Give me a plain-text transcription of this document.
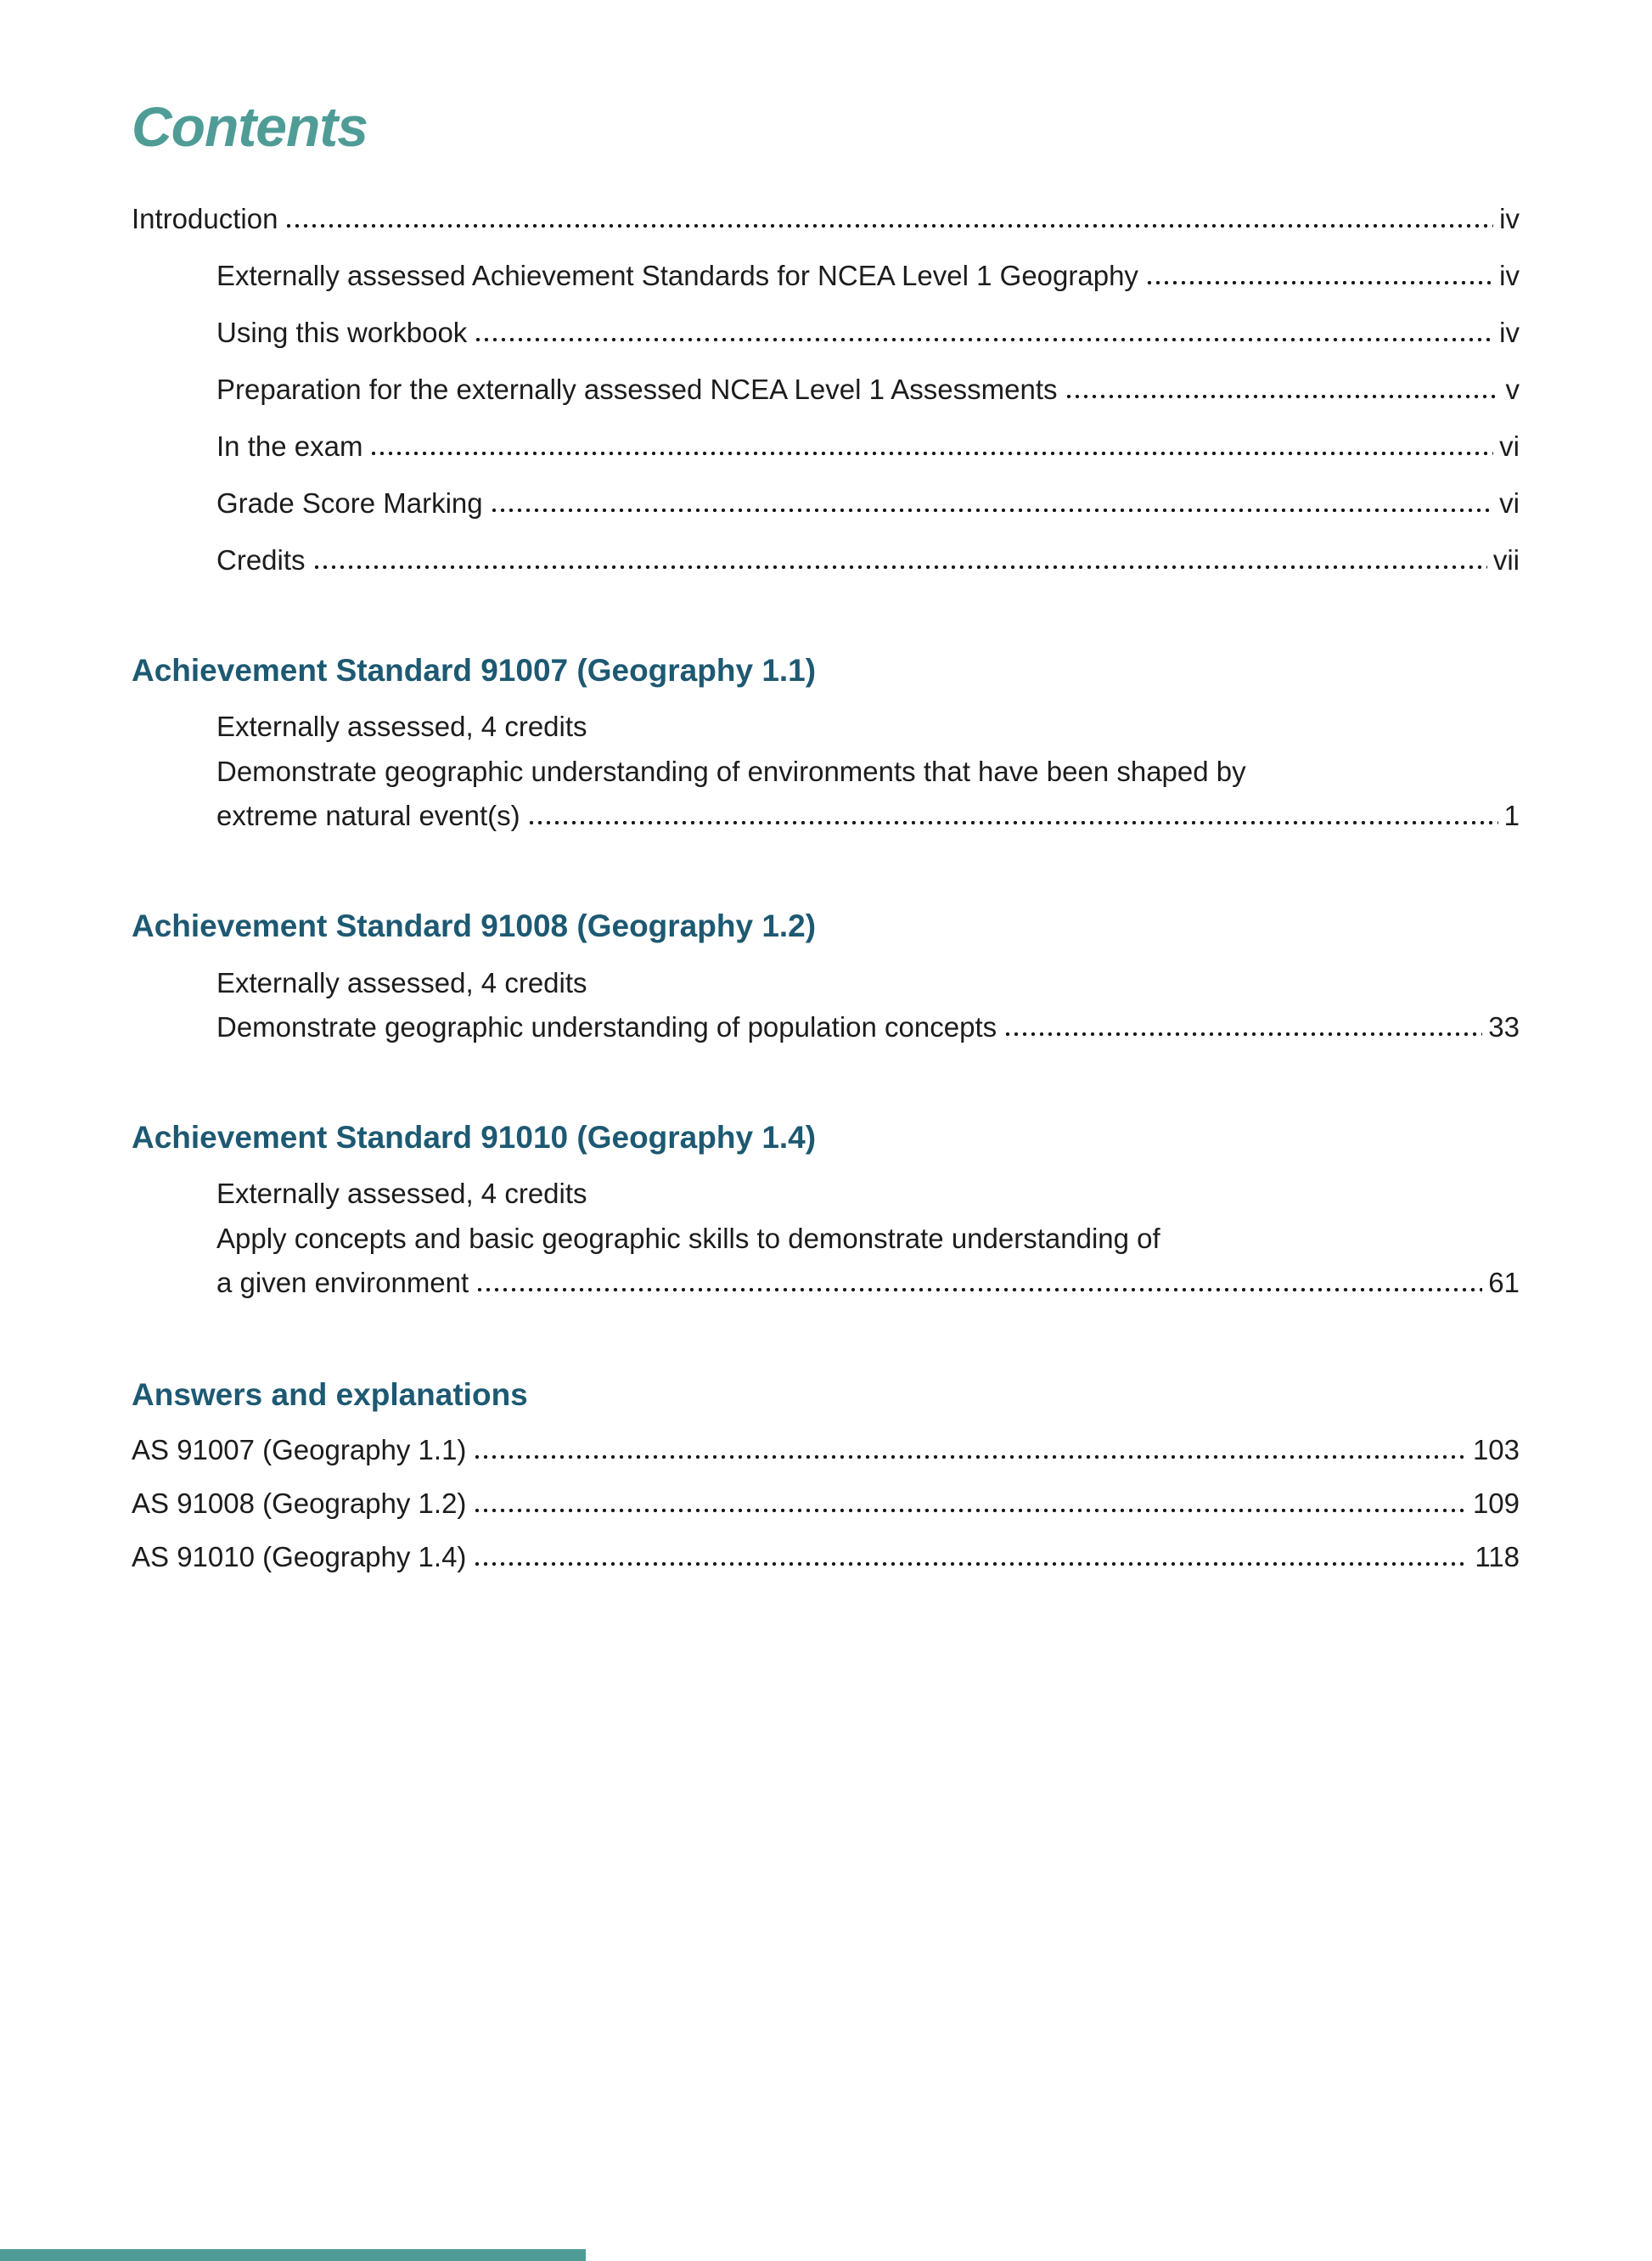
Contents
Introduction	iv
Externally assessed Achievement Standards for NCEA Level 1 Geography	iv
Using this workbook	iv
Preparation for the externally assessed NCEA Level 1 Assessments	v
In the exam	vi
Grade Score Marking	vi
Credits	vii
Achievement Standard 91007 (Geography 1.1)
Externally assessed, 4 credits
Demonstrate geographic understanding of environments that have been shaped by
extreme natural event(s)	1
Achievement Standard 91008 (Geography 1.2)
Externally assessed, 4 credits
Demonstrate geographic understanding of population concepts	33
Achievement Standard 91010 (Geography 1.4)
Externally assessed, 4 credits
Apply concepts and basic geographic skills to demonstrate understanding of
a given environment	61
Answers and explanations
AS 91007 (Geography 1.1)	103
AS 91008 (Geography 1.2)	109
AS 91010 (Geography 1.4)	118
